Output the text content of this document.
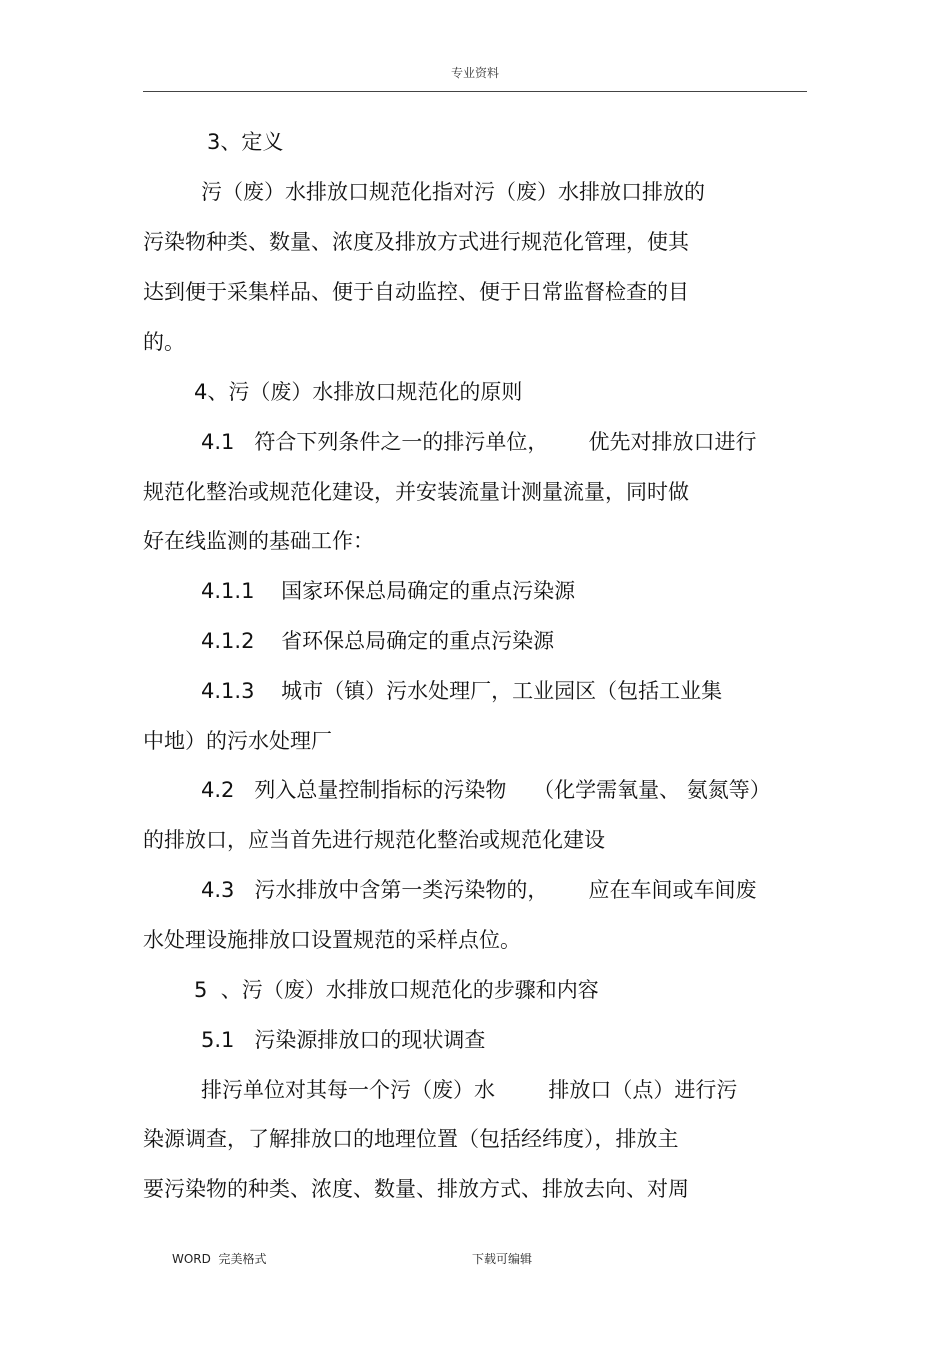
专业资料
3、定义
污（废）水排放口规范化指对污（废）水排放口排放的
污染物种类、数量、浓度及排放方式进行规范化管理，使其
达到便于采集样品、便于自动监控、便于日常监督检查的目
的。
4、污（废）水排放口规范化的原则
4.1   符合下列条件之一的排污单位，      优先对排放口进行
规范化整治或规范化建设，并安装流量计测量流量，同时做
好在线监测的基础工作：
4.1.1    国家环保总局确定的重点污染源
4.1.2    省环保总局确定的重点污染源
4.1.3    城市（镇）污水处理厂，工业园区（包括工业集
中地）的污水处理厂
4.2   列入总量控制指标的污染物    （化学需氧量、 氨氮等）
的排放口，应当首先进行规范化整治或规范化建设
4.3   污水排放中含第一类污染物的，      应在车间或车间废
水处理设施排放口设置规范的采样点位。
5  、污（废）水排放口规范化的步骤和内容
5.1   污染源排放口的现状调查
排污单位对其每一个污（废）水        排放口（点）进行污
染源调查，了解排放口的地理位置（包括经纬度），排放主
要污染物的种类、浓度、数量、排放方式、排放去向、对周
WORD  完美格式	下载可编辑
